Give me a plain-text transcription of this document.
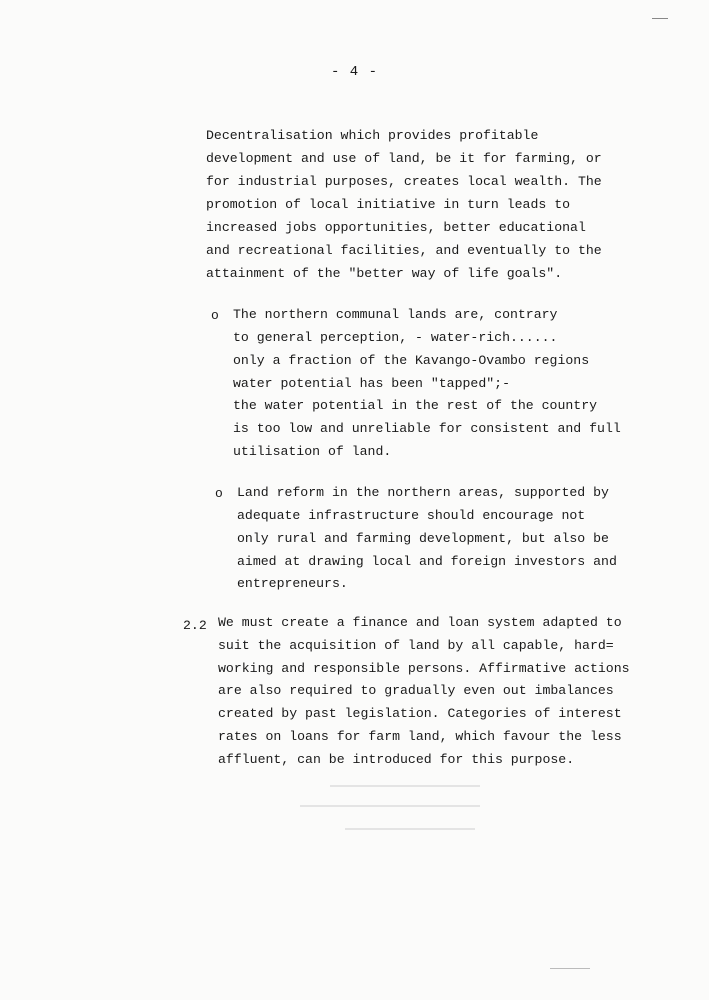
- 4 -
Decentralisation which provides profitable
development and use of land, be it for farming, or
for industrial purposes, creates local wealth. The
promotion of local initiative in turn leads to
increased jobs opportunities, better educational
and recreational facilities, and eventually to the
attainment of the "better way of life goals".
o The northern communal lands are, contrary
to general perception, - water-rich......
only a fraction of the Kavango-Ovambo regions
water potential has been "tapped";-
the water potential in the rest of the country
is too low and unreliable for consistent and full
utilisation of land.
o Land reform in the northern areas, supported by
adequate infrastructure should encourage not
only rural and farming development, but also be
aimed at drawing local and foreign investors and
entrepreneurs.
2.2 We must create a finance and loan system adapted to
suit the acquisition of land by all capable, hard=
working and responsible persons. Affirmative actions
are also required to gradually even out imbalances
created by past legislation. Categories of interest
rates on loans for farm land, which favour the less
affluent, can be introduced for this purpose.
